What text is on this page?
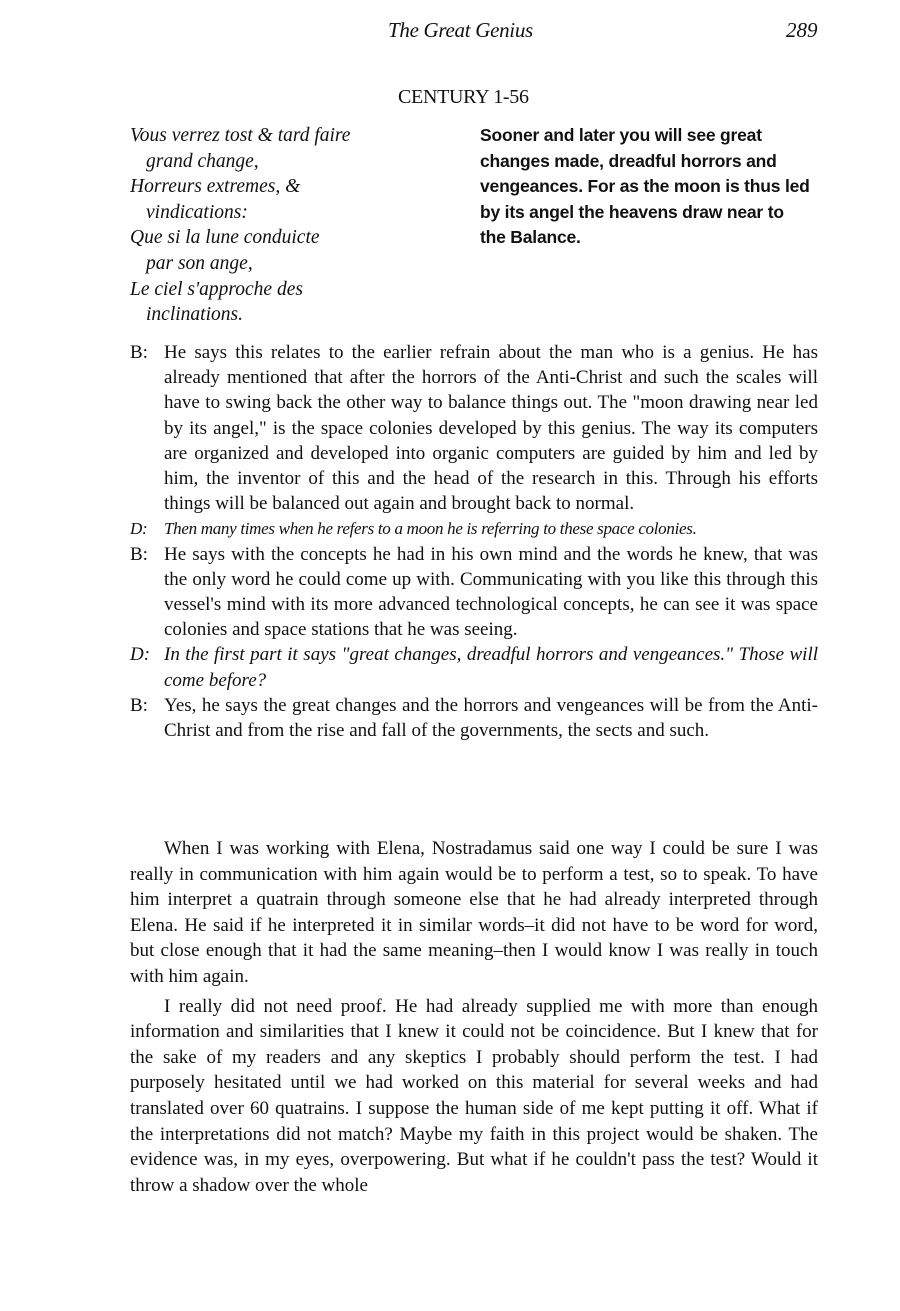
The Great Genius	289
CENTURY 1-56
Vous verrez tost & tard faire
grand change,
Horreurs extremes, &
vindications:
Que si la lune conduicte
par son ange,
Le ciel s'approche des
inclinations.
Sooner and later you will see great changes made, dreadful horrors and vengeances. For as the moon is thus led by its angel the heavens draw near to the Balance.
B: He says this relates to the earlier refrain about the man who is a genius. He has already mentioned that after the horrors of the Anti-Christ and such the scales will have to swing back the other way to balance things out. The "moon drawing near led by its angel," is the space colonies developed by this genius. The way its computers are organized and developed into organic computers are guided by him and led by him, the inventor of this and the head of the research in this. Through his efforts things will be balanced out again and brought back to normal.
D: Then many times when he refers to a moon he is referring to these space colonies.
B: He says with the concepts he had in his own mind and the words he knew, that was the only word he could come up with. Communicating with you like this through this vessel's mind with its more advanced technological concepts, he can see it was space colonies and space stations that he was seeing.
D: In the first part it says "great changes, dreadful horrors and vengeances." Those will come before?
B: Yes, he says the great changes and the horrors and vengeances will be from the Anti-Christ and from the rise and fall of the governments, the sects and such.

When I was working with Elena, Nostradamus said one way I could be sure I was really in communication with him again would be to perform a test, so to speak. To have him interpret a quatrain through someone else that he had already interpreted through Elena. He said if he interpreted it in similar words–it did not have to be word for word, but close enough that it had the same meaning–then I would know I was really in touch with him again.

I really did not need proof. He had already supplied me with more than enough information and similarities that I knew it could not be coincidence. But I knew that for the sake of my readers and any skeptics I probably should perform the test. I had purposely hesitated until we had worked on this material for several weeks and had translated over 60 quatrains. I suppose the human side of me kept putting it off. What if the interpretations did not match? Maybe my faith in this project would be shaken. The evidence was, in my eyes, overpowering. But what if he couldn't pass the test? Would it throw a shadow over the whole
